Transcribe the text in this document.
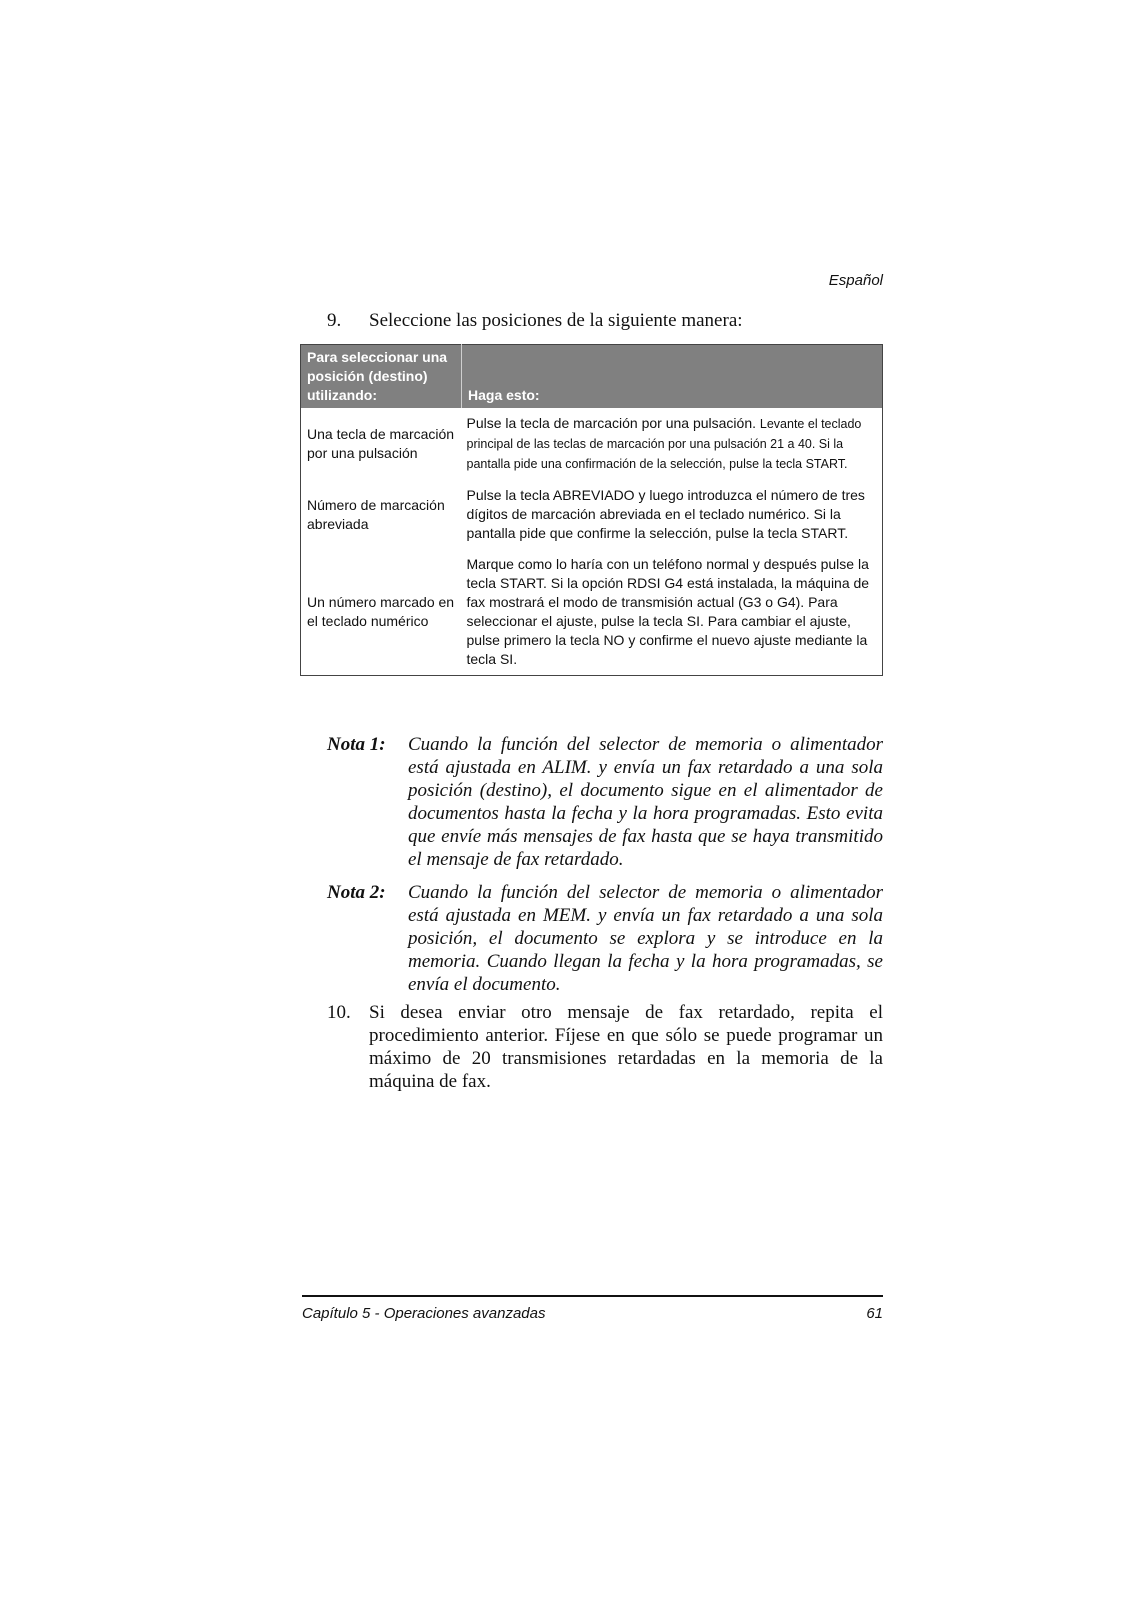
Español
9. Seleccione las posiciones de la siguiente manera:
Para seleccionar una posición (destino) utilizando:	Haga esto:
Una tecla de marcación por una pulsación	Pulse la tecla de marcación por una pulsación. Levante el teclado principal de las teclas de marcación por una pulsación 21 a 40. Si la pantalla pide una confirmación de la selección, pulse la tecla START.
Número de marcación abreviada	Pulse la tecla ABREVIADO y luego introduzca el número de tres dígitos de marcación abreviada en el teclado numérico. Si la pantalla pide que confirme la selección, pulse la tecla START.
Un número marcado en el teclado numérico	Marque como lo haría con un teléfono normal y después pulse la tecla START. Si la opción RDSI G4 está instalada, la máquina de fax mostrará el modo de transmisión actual (G3 o G4). Para seleccionar el ajuste, pulse la tecla SI. Para cambiar el ajuste, pulse primero la tecla NO y confirme el nuevo ajuste mediante la tecla SI.
Nota 1: Cuando la función del selector de memoria o alimentador está ajustada en ALIM. y envía un fax retardado a una sola posición (destino), el documento sigue en el alimentador de documentos hasta la fecha y la hora programadas. Esto evita que envíe más mensajes de fax hasta que se haya transmitido el mensaje de fax retardado.
Nota 2: Cuando la función del selector de memoria o alimentador está ajustada en MEM. y envía un fax retardado a una sola posición, el documento se explora y se introduce en la memoria. Cuando llegan la fecha y la hora programadas, se envía el documento.
10. Si desea enviar otro mensaje de fax retardado, repita el procedimiento anterior. Fíjese en que sólo se puede programar un máximo de 20 transmisiones retardadas en la memoria de la máquina de fax.
Capítulo 5 - Operaciones avanzadas	61
